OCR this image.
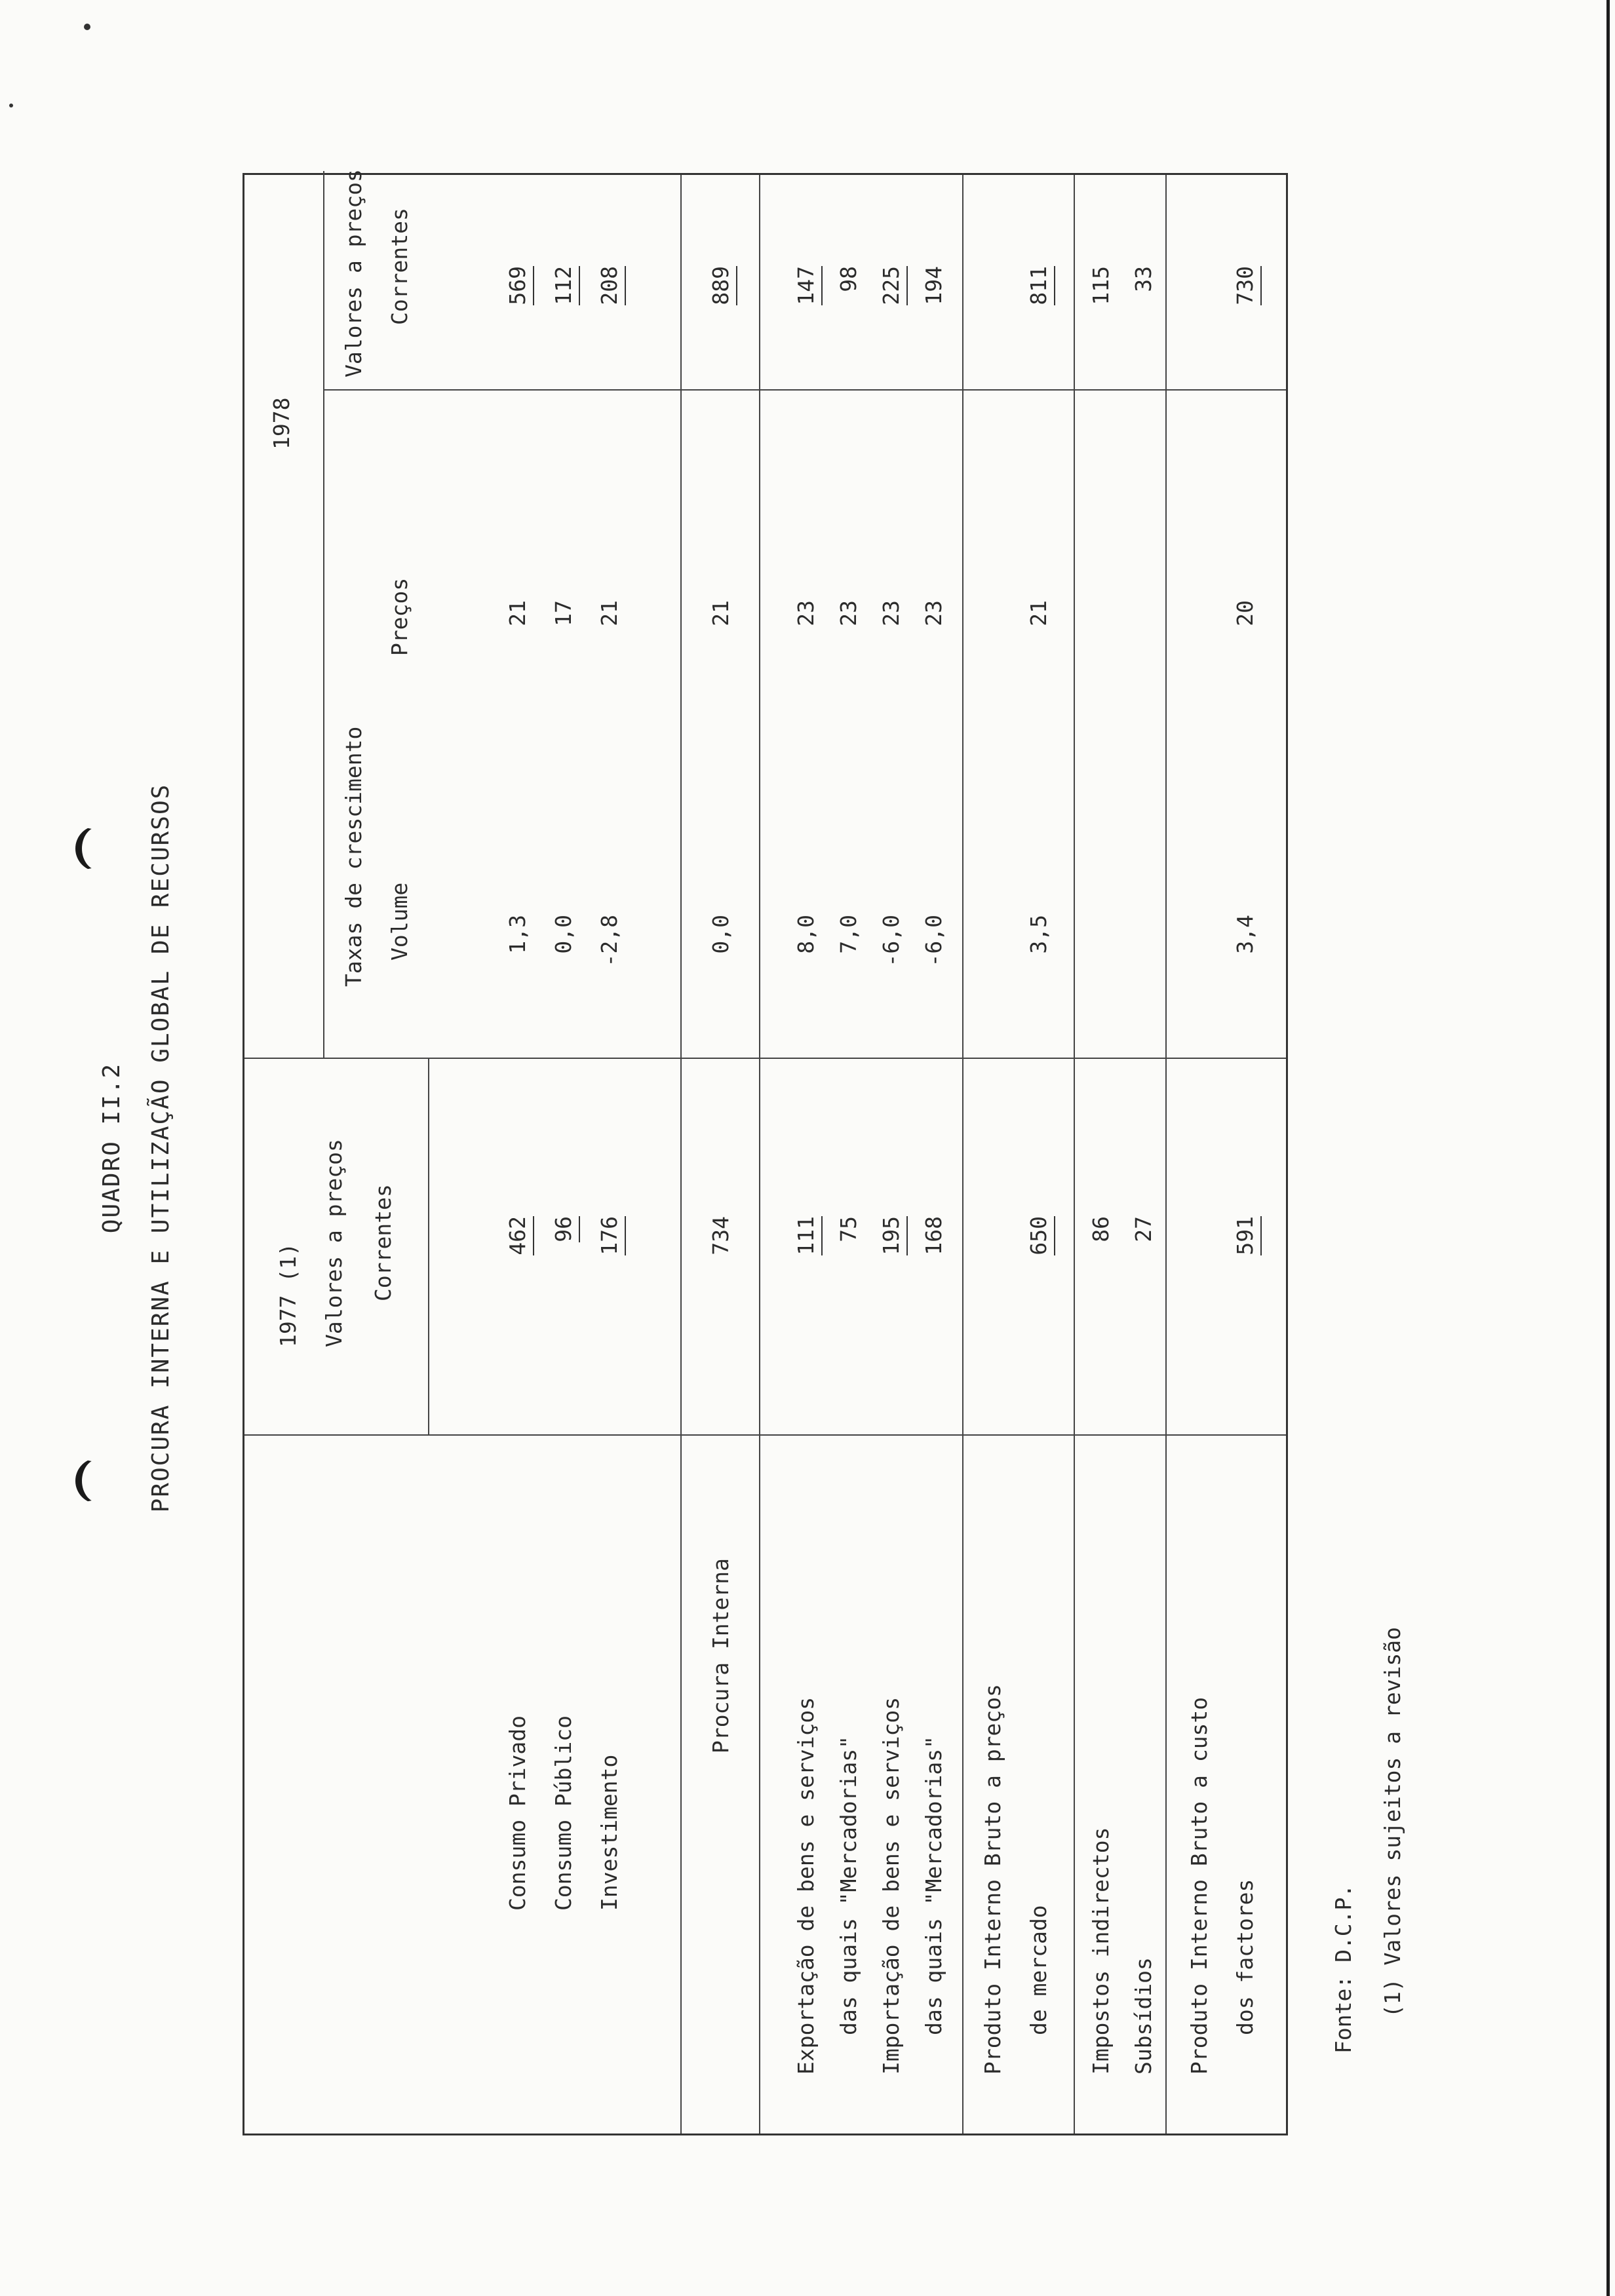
QUADRO II.2 PROCURA INTERNA E UTILIZAÇÃO GLOBAL DE RECURSOS	1977 (1) Valores a preços Correntes
1978
Taxas de crescimento Volume
Preços
Valores a preços Correntes
Consumo Privado Consumo Público Investimento
462 96 176
1,3 0,0 -2,8
21 17 21
569 112 208
Procura Interna
734
0,0
21
889
Exportação de bens e serviços das quais "Mercadorias" Importação de bens e serviços das quais "Mercadorias"
111 75 195 168
8,0 7,0 -6,0 -6,0
23 23 23 23
147 98 225 194
Produto Interno Bruto a preços de mercado
650
3,5
21
811
Impostos indirectos Subsídios
86 27
115 33
Produto Interno Bruto a custo dos factores
591
3,4
20
730
Fonte: D.C.P. (1) Valores sujeitos a revisão
